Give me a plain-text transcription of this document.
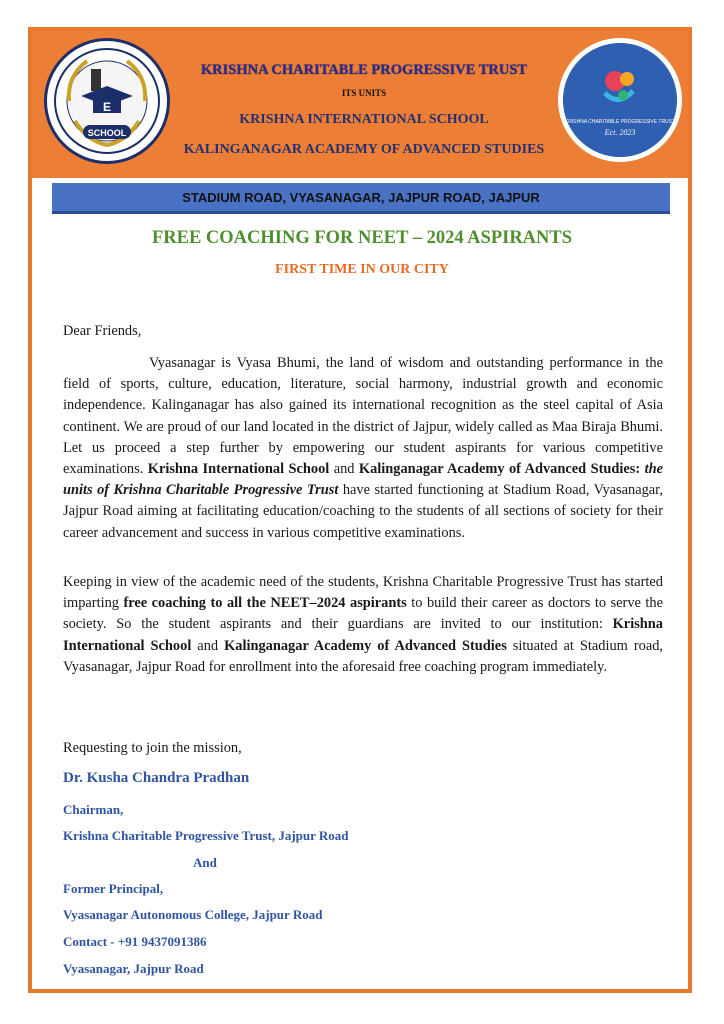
E
SCHOOL
KRISHNA CHARITABLE PROGRESSIVE TRUST
Ect. 2023
KRISHNA CHARITABLE PROGRESSIVE TRUST
ITS UNITS
KRISHNA INTERNATIONAL SCHOOL
KALINGANAGAR ACADEMY OF ADVANCED STUDIES
STADIUM ROAD, VYASANAGAR, JAJPUR ROAD, JAJPUR
FREE COACHING FOR NEET – 2024 ASPIRANTS
FIRST TIME IN OUR CITY
Dear Friends,
Vyasanagar is Vyasa Bhumi, the land of wisdom and outstanding performance in the field of sports, culture, education, literature, social harmony, industrial growth and economic independence. Kalinganagar has also gained its international recognition as the steel capital of Asia continent. We are proud of our land located in the district of Jajpur, widely called as Maa Biraja Bhumi. Let us proceed a step further by empowering our student aspirants for various competitive examinations. Krishna International School and Kalinganagar Academy of Advanced Studies: the units of Krishna Charitable Progressive Trust have started functioning at Stadium Road, Vyasanagar, Jajpur Road aiming at facilitating education/coaching to the students of all sections of society for their career advancement and success in various competitive examinations.
Keeping in view of the academic need of the students, Krishna Charitable Progressive Trust has started imparting free coaching to all the NEET–2024 aspirants to build their career as doctors to serve the society. So the student aspirants and their guardians are invited to our institution: Krishna International School and Kalinganagar Academy of Advanced Studies situated at Stadium road, Vyasanagar, Jajpur Road for enrollment into the aforesaid free coaching program immediately.
Requesting to join the mission,
Dr. Kusha Chandra Pradhan
Chairman,
Krishna Charitable Progressive Trust, Jajpur Road
And
Former Principal,
Vyasanagar Autonomous College, Jajpur Road
Contact - +91 9437091386
Vyasanagar, Jajpur Road
